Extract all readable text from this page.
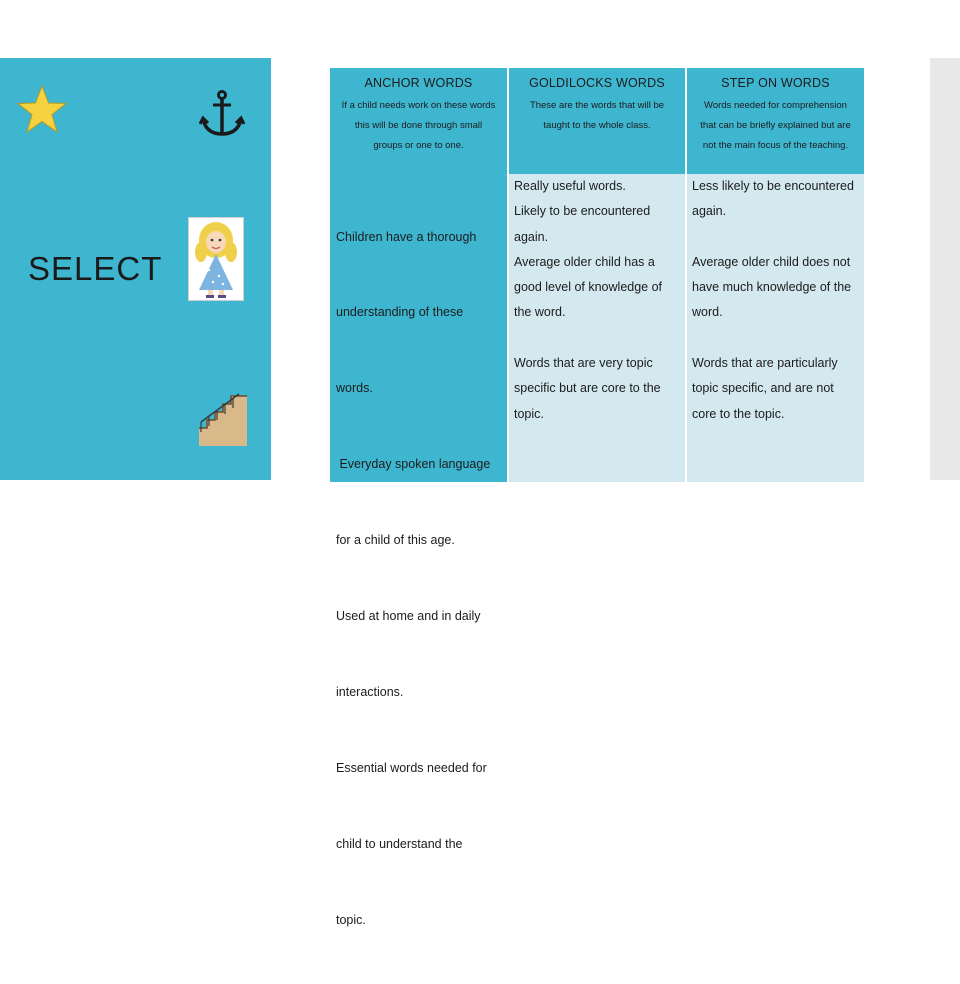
SELECT
ANCHOR WORDS
If a child needs work on these words
this will be done through small
groups or one to one.
GOLDILOCKS WORDS
These are the words that will be
taught to the whole class.
STEP ON WORDS
Words needed for comprehension
that can be briefly explained but are
not the main focus of the teaching.

Children have a thorough

understanding of these

words.

Everyday spoken language

for a child of this age.

Used at home and in daily

interactions.

Essential words needed for

child to understand the

topic.

Really useful words.
Likely to be encountered
again.
Average older child has a
good level of knowledge of
the word.
Words that are very topic
specific but are core to the
topic.
Less likely to be encountered
again.
Average older child does not
have much knowledge of the
word.
Words that are particularly
topic specific, and are not
core to the topic.
